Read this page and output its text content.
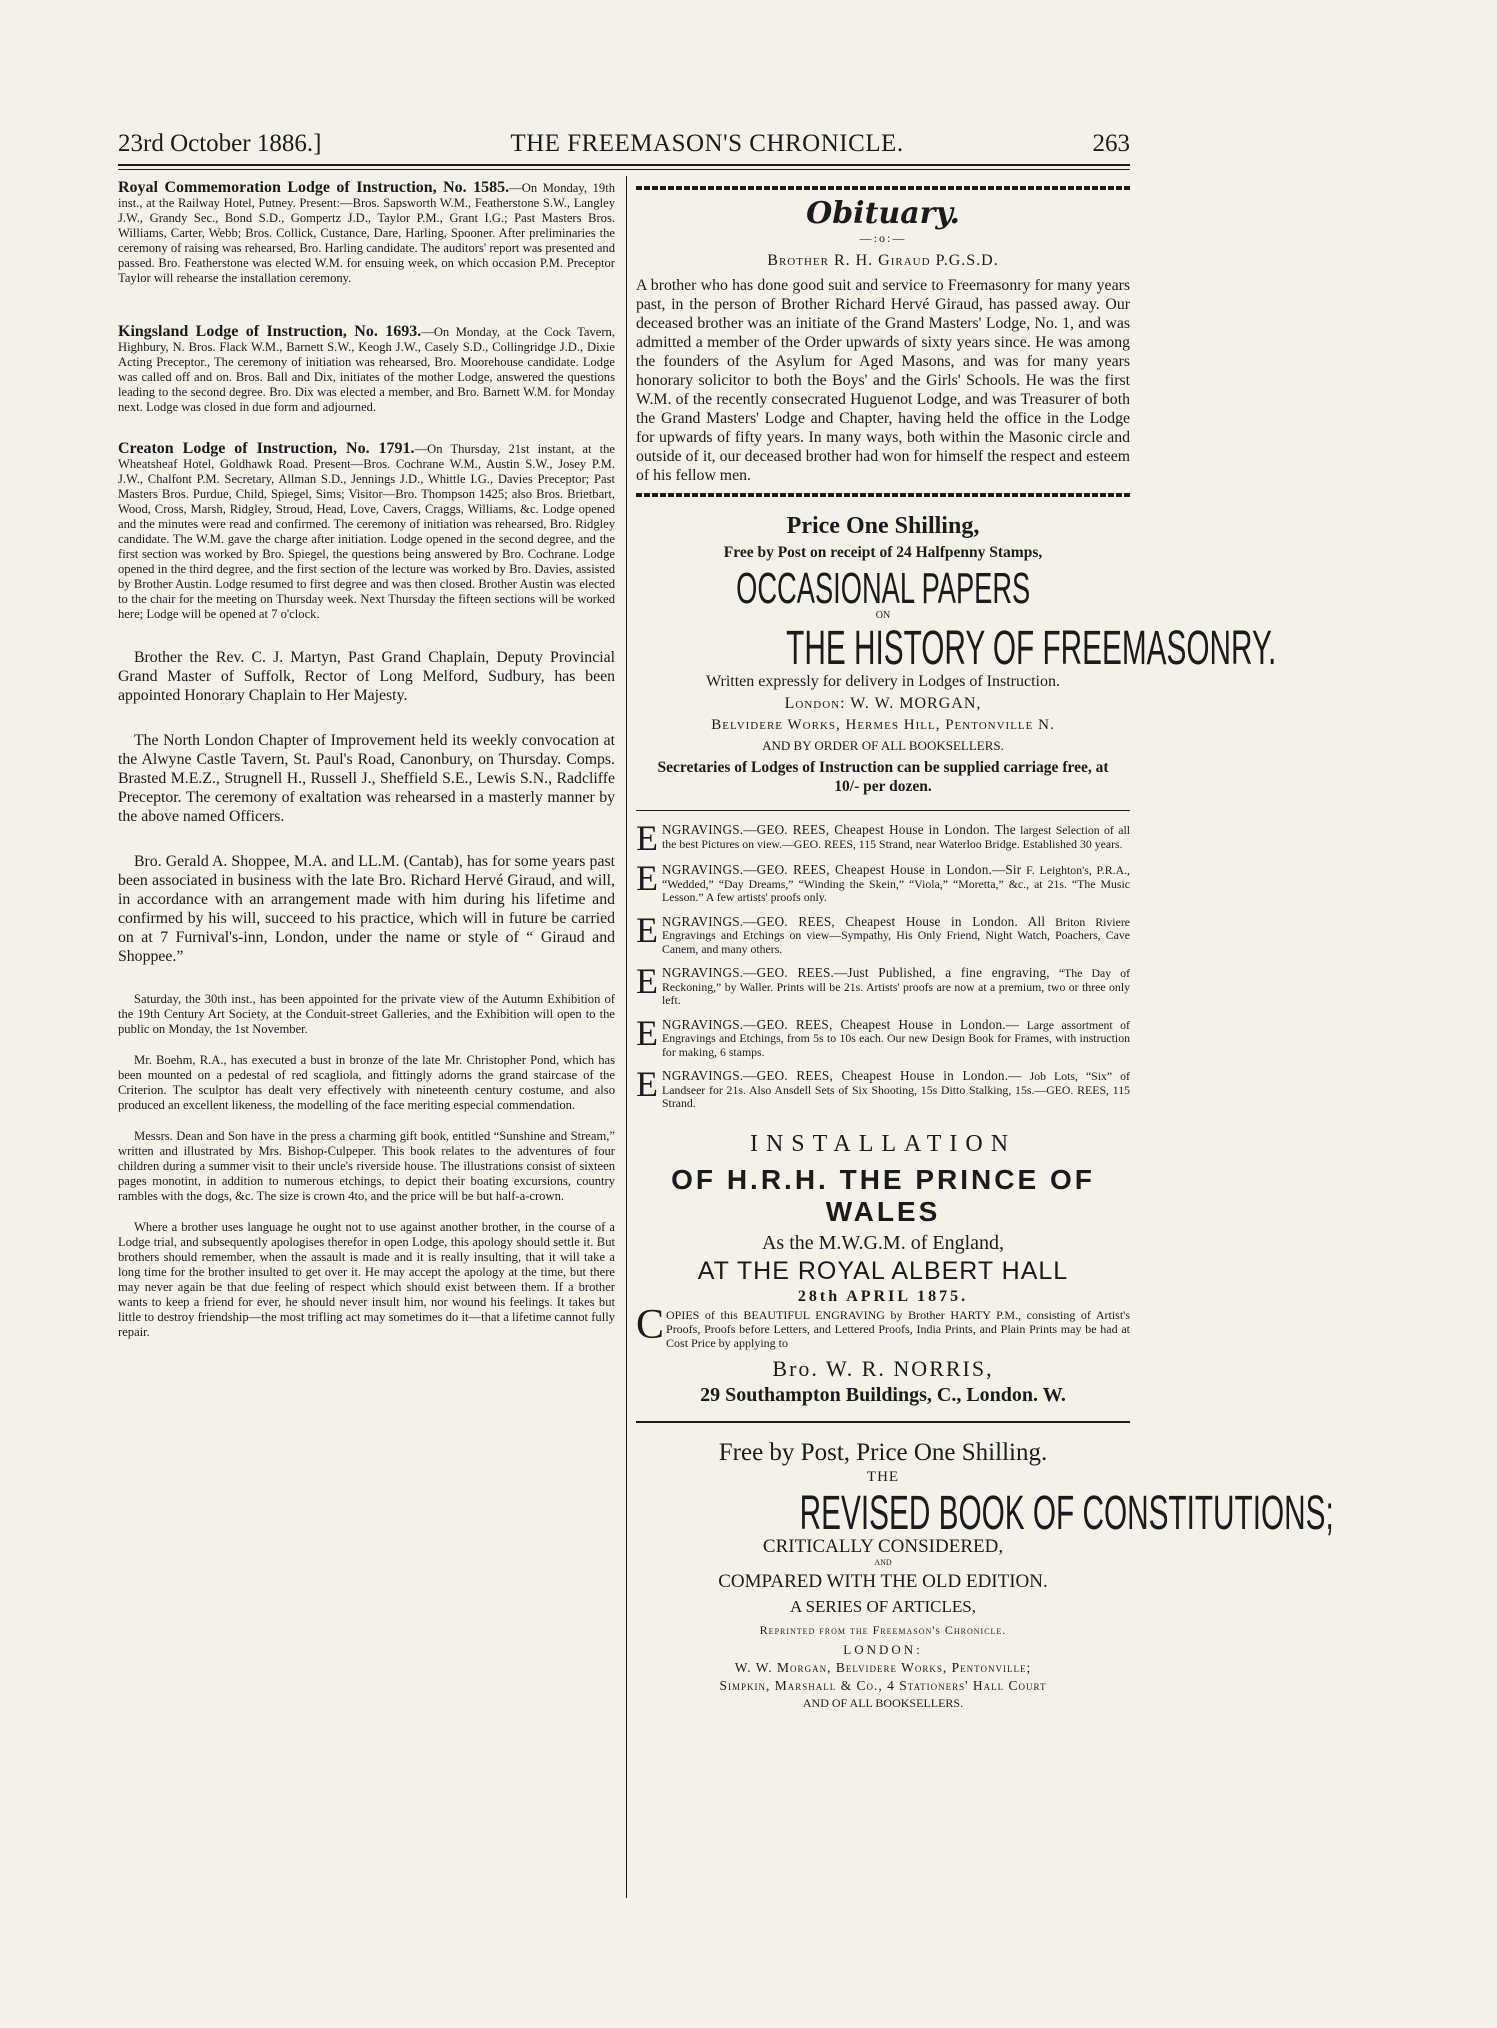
23rd October 1886.]	THE FREEMASON'S CHRONICLE.	263

Royal Commemoration Lodge of Instruction, No. 1585.—On Monday, 19th inst., at the Railway Hotel, Putney. Present:—Bros. Sapsworth W.M., Featherstone S.W., Langley J.W., Grandy Sec., Bond S.D., Gompertz J.D., Taylor P.M., Grant I.G.; Past Masters Bros. Williams, Carter, Webb; Bros. Collick, Custance, Dare, Harling, Spooner. After preliminaries the ceremony of raising was rehearsed, Bro. Harling candidate. The auditors' report was presented and passed. Bro. Featherstone was elected W.M. for ensuing week, on which occasion P.M. Preceptor Taylor will rehearse the installation ceremony.

Kingsland Lodge of Instruction, No. 1693.—On Monday, at the Cock Tavern, Highbury, N. Bros. Flack W.M., Barnett S.W., Keogh J.W., Casely S.D., Collingridge J.D., Dixie Acting Preceptor., The ceremony of initiation was rehearsed, Bro. Moorehouse candidate. Lodge was called off and on. Bros. Ball and Dix, initiates of the mother Lodge, answered the questions leading to the second degree. Bro. Dix was elected a member, and Bro. Barnett W.M. for Monday next. Lodge was closed in due form and adjourned.

Creaton Lodge of Instruction, No. 1791.—On Thursday, 21st instant, at the Wheatsheaf Hotel, Goldhawk Road. Present—Bros. Cochrane W.M., Austin S.W., Josey P.M. J.W., Chalfont P.M. Secretary, Allman S.D., Jennings J.D., Whittle I.G., Davies Preceptor; Past Masters Bros. Purdue, Child, Spiegel, Sims; Visitor—Bro. Thompson 1425; also Bros. Brietbart, Wood, Cross, Marsh, Ridgley, Stroud, Head, Love, Cavers, Craggs, Williams, &c. Lodge opened and the minutes were read and confirmed. The ceremony of initiation was rehearsed, Bro. Ridgley candidate. The W.M. gave the charge after initiation. Lodge opened in the second degree, and the first section was worked by Bro. Spiegel, the questions being answered by Bro. Cochrane. Lodge opened in the third degree, and the first section of the lecture was worked by Bro. Davies, assisted by Brother Austin. Lodge resumed to first degree and was then closed. Brother Austin was elected to the chair for the meeting on Thursday week. Next Thursday the fifteen sections will be worked here; Lodge will be opened at 7 o'clock.

Brother the Rev. C. J. Martyn, Past Grand Chaplain, Deputy Provincial Grand Master of Suffolk, Rector of Long Melford, Sudbury, has been appointed Honorary Chaplain to Her Majesty.

The North London Chapter of Improvement held its weekly convocation at the Alwyne Castle Tavern, St. Paul's Road, Canonbury, on Thursday. Comps. Brasted M.E.Z., Strugnell H., Russell J., Sheffield S.E., Lewis S.N., Radcliffe Preceptor. The ceremony of exaltation was rehearsed in a masterly manner by the above named Officers.

Bro. Gerald A. Shoppee, M.A. and LL.M. (Cantab), has for some years past been associated in business with the late Bro. Richard Hervé Giraud, and will, in accordance with an arrangement made with him during his lifetime and confirmed by his will, succeed to his practice, which will in future be carried on at 7 Furnival's-inn, London, under the name or style of “ Giraud and Shoppee.”

Saturday, the 30th inst., has been appointed for the private view of the Autumn Exhibition of the 19th Century Art Society, at the Conduit-street Galleries, and the Exhibition will open to the public on Monday, the 1st November.

Mr. Boehm, R.A., has executed a bust in bronze of the late Mr. Christopher Pond, which has been mounted on a pedestal of red scagliola, and fittingly adorns the grand staircase of the Criterion. The sculptor has dealt very effectively with nineteenth century costume, and also produced an excellent likeness, the modelling of the face meriting especial commendation.

Messrs. Dean and Son have in the press a charming gift book, entitled “Sunshine and Stream,” written and illustrated by Mrs. Bishop-Culpeper. This book relates to the adventures of four children during a summer visit to their uncle's riverside house. The illustrations consist of sixteen pages monotint, in addition to numerous etchings, to depict their boating excursions, country rambles with the dogs, &c. The size is crown 4to, and the price will be but half-a-crown.

Where a brother uses language he ought not to use against another brother, in the course of a Lodge trial, and subsequently apologises therefor in open Lodge, this apology should settle it. But brothers should remember, when the assault is made and it is really insulting, that it will take a long time for the brother insulted to get over it. He may accept the apology at the time, but there may never again be that due feeling of respect which should exist between them. If a brother wants to keep a friend for ever, he should never insult him, nor wound his feelings. It takes but little to destroy friendship—the most trifling act may sometimes do it—that a lifetime cannot fully repair.

Obituary.
—:o:—
Brother R. H. Giraud P.G.S.D.

A brother who has done good suit and service to Freemasonry for many years past, in the person of Brother Richard Hervé Giraud, has passed away. Our deceased brother was an initiate of the Grand Masters' Lodge, No. 1, and was admitted a member of the Order upwards of sixty years since. He was among the founders of the Asylum for Aged Masons, and was for many years honorary solicitor to both the Boys' and the Girls' Schools. He was the first W.M. of the recently consecrated Huguenot Lodge, and was Treasurer of both the Grand Masters' Lodge and Chapter, having held the office in the Lodge for upwards of fifty years. In many ways, both within the Masonic circle and outside of it, our deceased brother had won for himself the respect and esteem of his fellow men.

Price One Shilling,
Free by Post on receipt of 24 Halfpenny Stamps,
OCCASIONAL PAPERS
ON
THE HISTORY OF FREEMASONRY.
Written expressly for delivery in Lodges of Instruction.
London: W. W. MORGAN,
Belvidere Works, Hermes Hill, Pentonville N.
AND BY ORDER OF ALL BOOKSELLERS.
Secretaries of Lodges of Instruction can be supplied carriage free, at 10/- per dozen.
E NGRAVINGS.—GEO. REES, Cheapest House in London. The largest Selection of all the best Pictures on view.—GEO. REES, 115 Strand, near Waterloo Bridge. Established 30 years.
E NGRAVINGS.—GEO. REES, Cheapest House in London.—Sir F. Leighton's, P.R.A., “Wedded,” “Day Dreams,” “Winding the Skein,” “Viola,” “Moretta,” &c., at 21s. “The Music Lesson.” A few artists' proofs only.
E NGRAVINGS.—GEO. REES, Cheapest House in London. All Briton Riviere Engravings and Etchings on view—Sympathy, His Only Friend, Night Watch, Poachers, Cave Canem, and many others.
E NGRAVINGS.—GEO. REES.—Just Published, a fine engraving, “The Day of Reckoning,” by Waller. Prints will be 21s. Artists' proofs are now at a premium, two or three only left.
E NGRAVINGS.—GEO. REES, Cheapest House in London.— Large assortment of Engravings and Etchings, from 5s to 10s each. Our new Design Book for Frames, with instruction for making, 6 stamps.
E NGRAVINGS.—GEO. REES, Cheapest House in London.— Job Lots, “Six” of Landseer for 21s. Also Ansdell Sets of Six Shooting, 15s Ditto Stalking, 15s.—GEO. REES, 115 Strand.
INSTALLATION
OF H.R.H. THE PRINCE OF WALES
As the M.W.G.M. of England,
AT THE ROYAL ALBERT HALL
28th APRIL 1875.
COPIES of this BEAUTIFUL ENGRAVING by Brother HARTY P.M., consisting of Artist's Proofs, Proofs before Letters, and Lettered Proofs, India Prints, and Plain Prints may be had at Cost Price by applying to
Bro. W. R. NORRIS,
29 Southampton Buildings, C., London. W.
Free by Post, Price One Shilling.
THE
REVISED BOOK OF CONSTITUTIONS;
CRITICALLY CONSIDERED,
AND
COMPARED WITH THE OLD EDITION.
A SERIES OF ARTICLES,
Reprinted from the Freemason's Chronicle.
LONDON:
W. W. Morgan, Belvidere Works, Pentonville;
Simpkin, Marshall & Co., 4 Stationers' Hall Court
AND OF ALL BOOKSELLERS.
